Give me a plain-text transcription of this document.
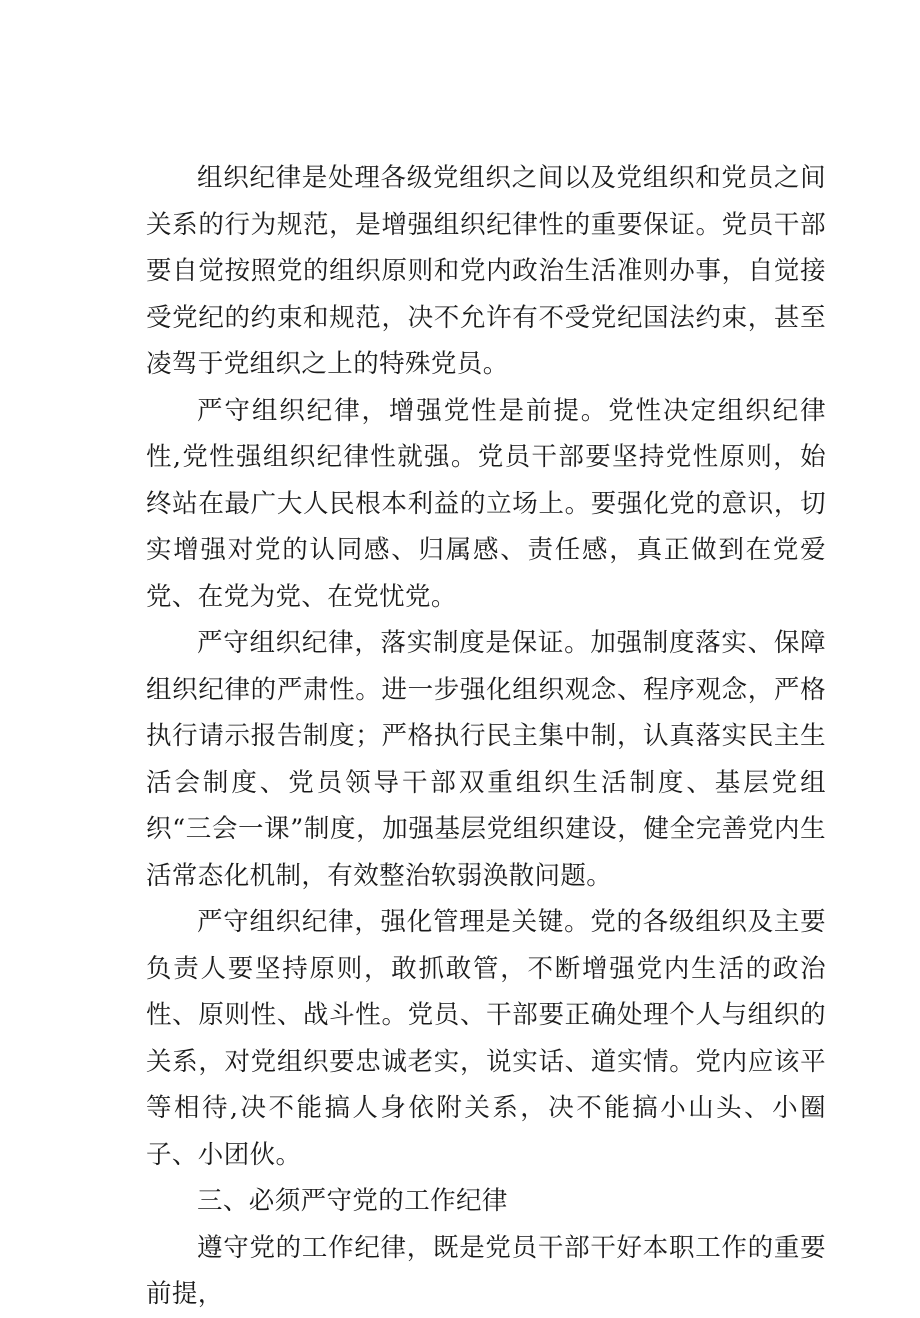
组织纪律是处理各级党组织之间以及党组织和党员之间关系的行为规范，是增强组织纪律性的重要保证。党员干部要自觉按照党的组织原则和党内政治生活准则办事，自觉接受党纪的约束和规范，决不允许有不受党纪国法约束，甚至凌驾于党组织之上的特殊党员。

严守组织纪律，增强党性是前提。党性决定组织纪律性,党性强组织纪律性就强。党员干部要坚持党性原则，始终站在最广大人民根本利益的立场上。要强化党的意识，切实增强对党的认同感、归属感、责任感，真正做到在党爱党、在党为党、在党忧党。

严守组织纪律，落实制度是保证。加强制度落实、保障组织纪律的严肃性。进一步强化组织观念、程序观念，严格执行请示报告制度；严格执行民主集中制，认真落实民主生活会制度、党员领导干部双重组织生活制度、基层党组织“三会一课”制度，加强基层党组织建设，健全完善党内生活常态化机制，有效整治软弱涣散问题。

严守组织纪律，强化管理是关键。党的各级组织及主要负责人要坚持原则，敢抓敢管，不断增强党内生活的政治性、原则性、战斗性。党员、干部要正确处理个人与组织的关系，对党组织要忠诚老实，说实话、道实情。党内应该平等相待,决不能搞人身依附关系，决不能搞小山头、小圈子、小团伙。

三、必须严守党的工作纪律

遵守党的工作纪律，既是党员干部干好本职工作的重要前提，
